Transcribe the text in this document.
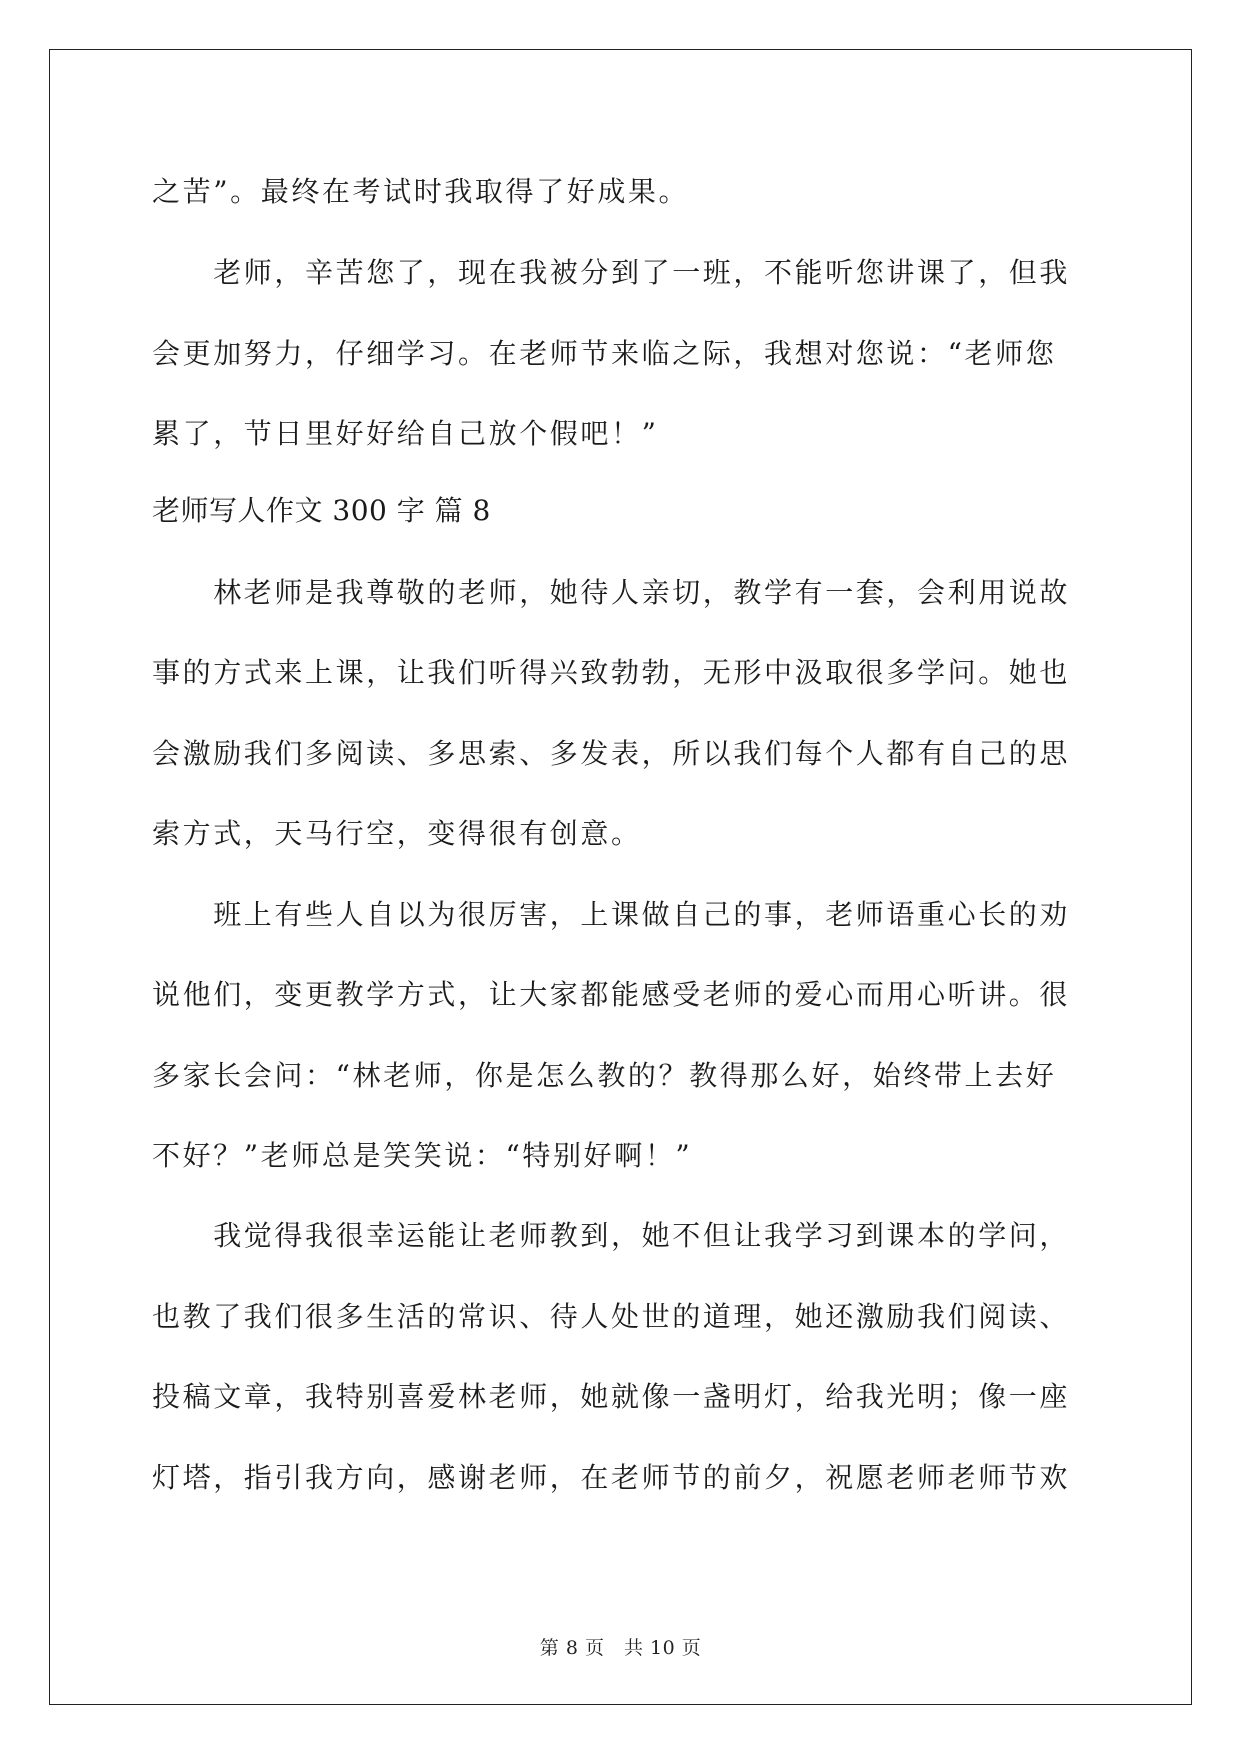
之苦”。最终在考试时我取得了好成果。
　　老师，辛苦您了，现在我被分到了一班，不能听您讲课了，但我
会更加努力，仔细学习。在老师节来临之际，我想对您说：“老师您
累了，节日里好好给自己放个假吧！”
老师写人作文 300 字 篇 8
　　林老师是我尊敬的老师，她待人亲切，教学有一套，会利用说故
事的方式来上课，让我们听得兴致勃勃，无形中汲取很多学问。她也
会激励我们多阅读、多思索、多发表，所以我们每个人都有自己的思
索方式，天马行空，变得很有创意。
　　班上有些人自以为很厉害，上课做自己的事，老师语重心长的劝
说他们，变更教学方式，让大家都能感受老师的爱心而用心听讲。很
多家长会问：“林老师，你是怎么教的？教得那么好，始终带上去好
不好？”老师总是笑笑说：“特别好啊！”
　　我觉得我很幸运能让老师教到，她不但让我学习到课本的学问，
也教了我们很多生活的常识、待人处世的道理，她还激励我们阅读、
投稿文章，我特别喜爱林老师，她就像一盏明灯，给我光明；像一座
灯塔，指引我方向，感谢老师，在老师节的前夕，祝愿老师老师节欢
第 8 页　共 10 页
